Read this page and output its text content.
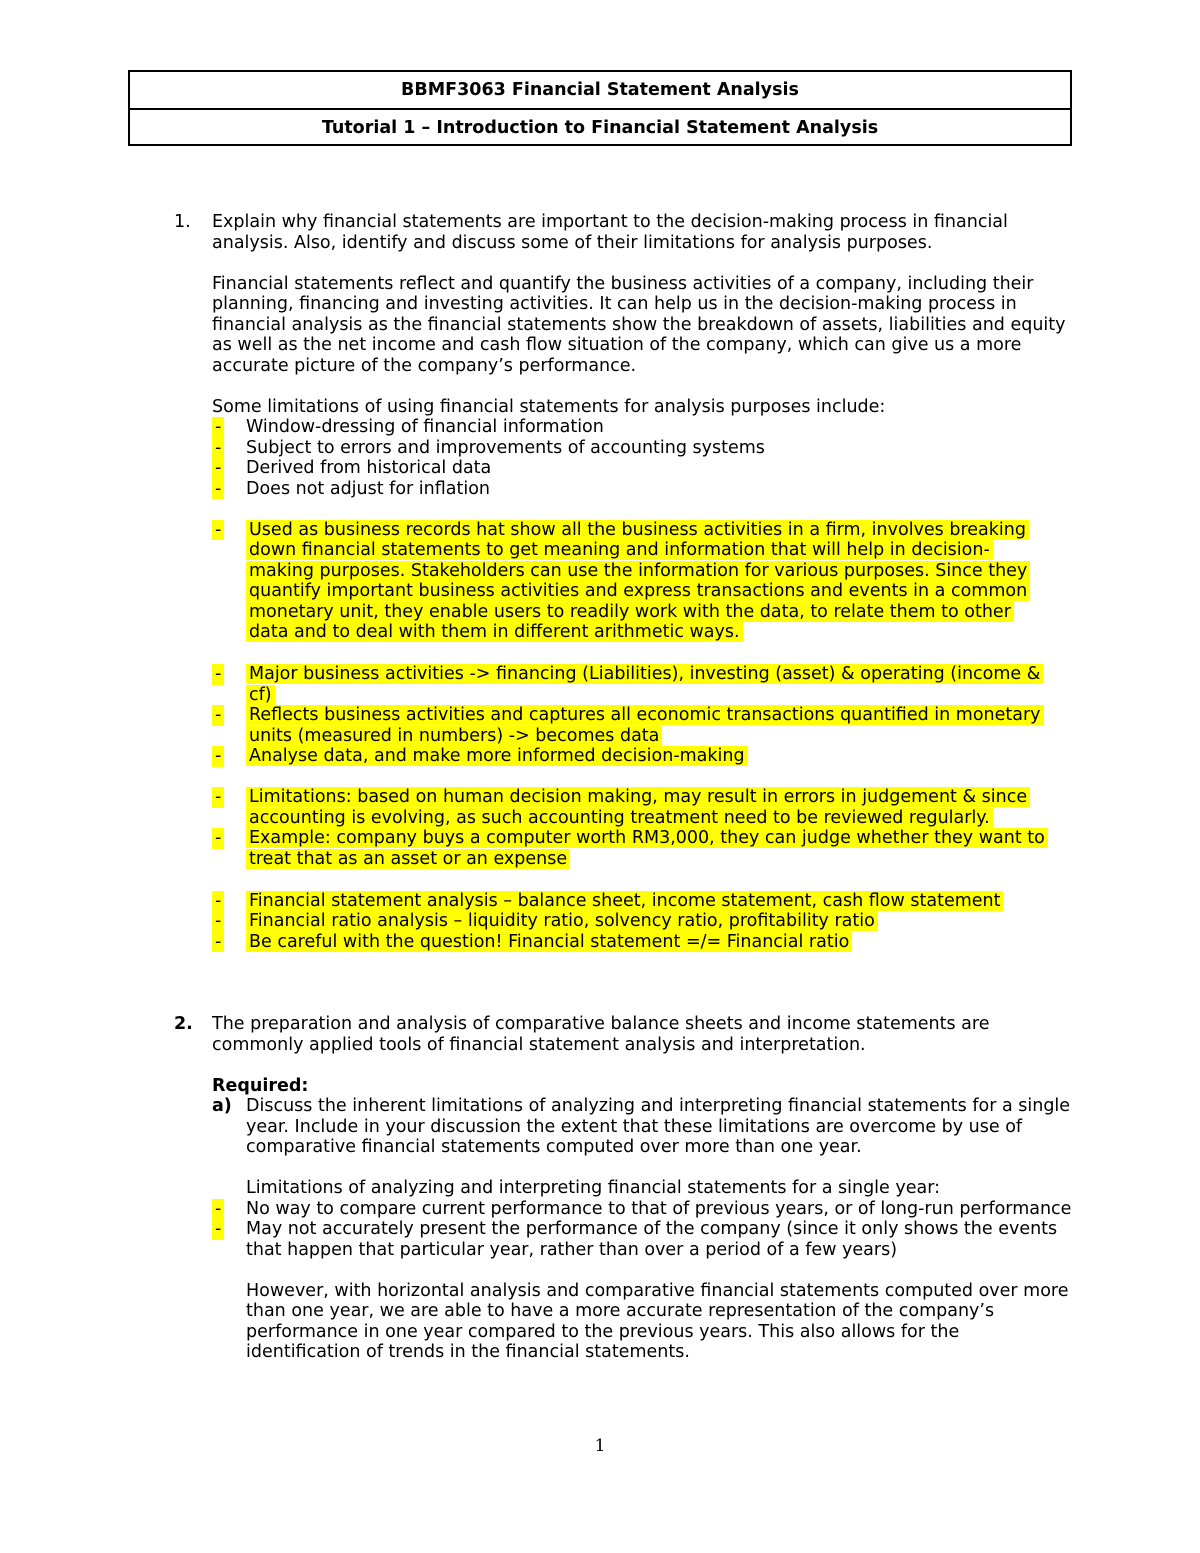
BBMF3063 Financial Statement Analysis
Tutorial 1 – Introduction to Financial Statement Analysis
1. Explain why financial statements are important to the decision-making process in financial analysis. Also, identify and discuss some of their limitations for analysis purposes.
Financial statements reflect and quantify the business activities of a company, including their planning, financing and investing activities. It can help us in the decision-making process in financial analysis as the financial statements show the breakdown of assets, liabilities and equity as well as the net income and cash flow situation of the company, which can give us a more accurate picture of the company’s performance.
Some limitations of using financial statements for analysis purposes include:
- Window-dressing of financial information
- Subject to errors and improvements of accounting systems
- Derived from historical data
- Does not adjust for inflation
- Used as business records hat show all the business activities in a firm, involves breaking down financial statements to get meaning and information that will help in decision-making purposes. Stakeholders can use the information for various purposes. Since they quantify important business activities and express transactions and events in a common monetary unit, they enable users to readily work with the data, to relate them to other data and to deal with them in different arithmetic ways.
- Major business activities -> financing (Liabilities), investing (asset) & operating (income & cf)
- Reflects business activities and captures all economic transactions quantified in monetary units (measured in numbers) -> becomes data
- Analyse data, and make more informed decision-making
- Limitations: based on human decision making, may result in errors in judgement & since accounting is evolving, as such accounting treatment need to be reviewed regularly.
- Example: company buys a computer worth RM3,000, they can judge whether they want to treat that as an asset or an expense
- Financial statement analysis – balance sheet, income statement, cash flow statement
- Financial ratio analysis – liquidity ratio, solvency ratio, profitability ratio
- Be careful with the question! Financial statement =/= Financial ratio
2. The preparation and analysis of comparative balance sheets and income statements are commonly applied tools of financial statement analysis and interpretation.
Required:
a) Discuss the inherent limitations of analyzing and interpreting financial statements for a single year. Include in your discussion the extent that these limitations are overcome by use of comparative financial statements computed over more than one year.
Limitations of analyzing and interpreting financial statements for a single year:
- No way to compare current performance to that of previous years, or of long-run performance
- May not accurately present the performance of the company (since it only shows the events that happen that particular year, rather than over a period of a few years)
However, with horizontal analysis and comparative financial statements computed over more than one year, we are able to have a more accurate representation of the company’s performance in one year compared to the previous years. This also allows for the identification of trends in the financial statements.
1
